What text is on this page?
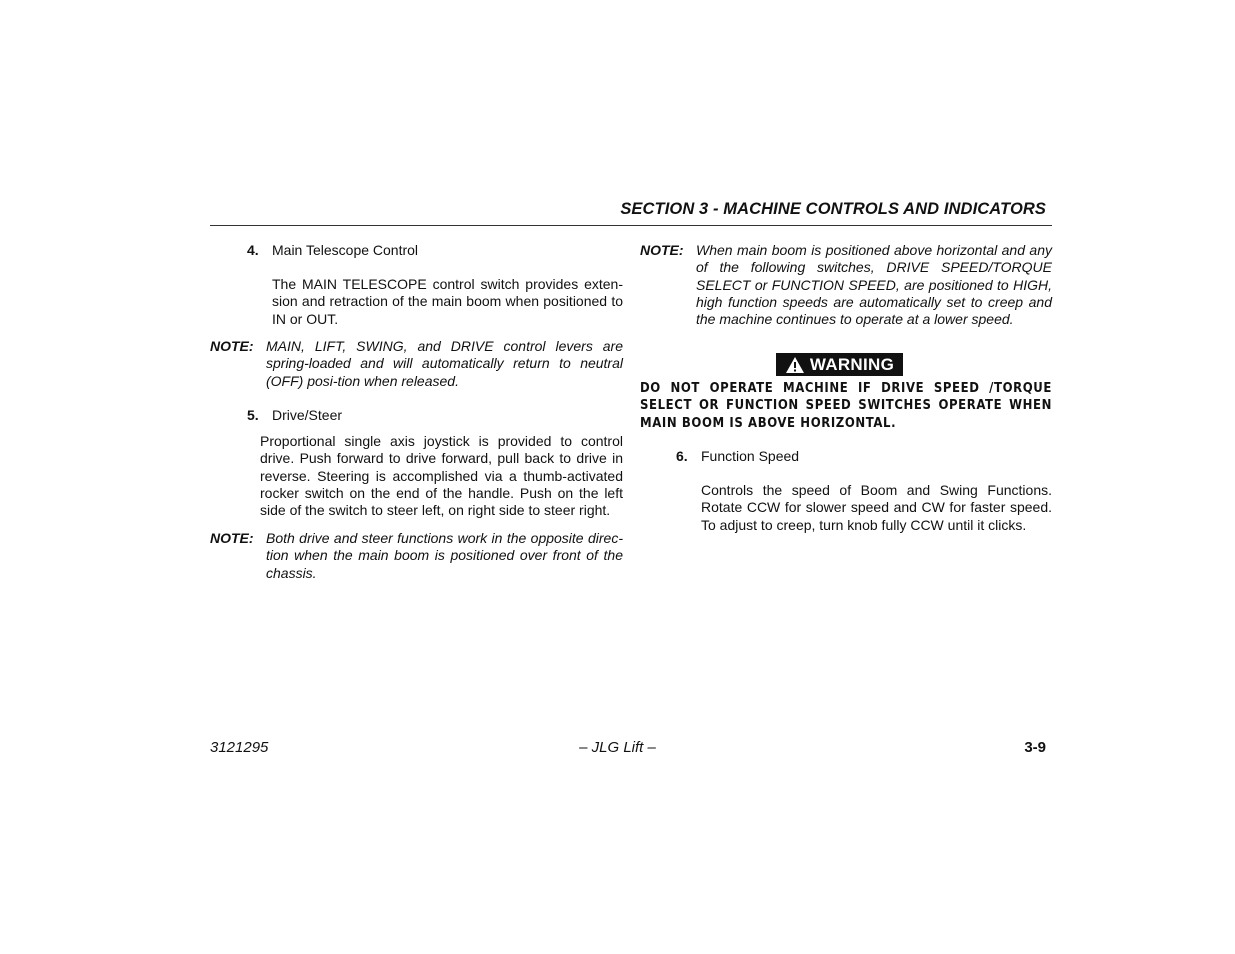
SECTION 3 - MACHINE CONTROLS AND INDICATORS
4. Main Telescope Control
The MAIN TELESCOPE control switch provides exten-sion and retraction of the main boom when positioned to IN or OUT.
NOTE: MAIN, LIFT, SWING, and DRIVE control levers are spring-loaded and will automatically return to neutral (OFF) posi-tion when released.
5. Drive/Steer
Proportional single axis joystick is provided to control drive. Push forward to drive forward, pull back to drive in reverse. Steering is accomplished via a thumb-activated rocker switch on the end of the handle. Push on the left side of the switch to steer left, on right side to steer right.
NOTE: Both drive and steer functions work in the opposite direc-tion when the main boom is positioned over front of the chassis.
NOTE: When main boom is positioned above horizontal and any of the following switches, DRIVE SPEED/TORQUE SELECT or FUNCTION SPEED, are positioned to HIGH, high function speeds are automatically set to creep and the machine continues to operate at a lower speed.
WARNING
DO NOT OPERATE MACHINE IF DRIVE SPEED /TORQUE SELECT OR FUNCTION SPEED SWITCHES OPERATE WHEN MAIN BOOM IS ABOVE HORIZONTAL.
6. Function Speed
Controls the speed of Boom and Swing Functions. Rotate CCW for slower speed and CW for faster speed. To adjust to creep, turn knob fully CCW until it clicks.
3121295	– JLG Lift –	3-9
